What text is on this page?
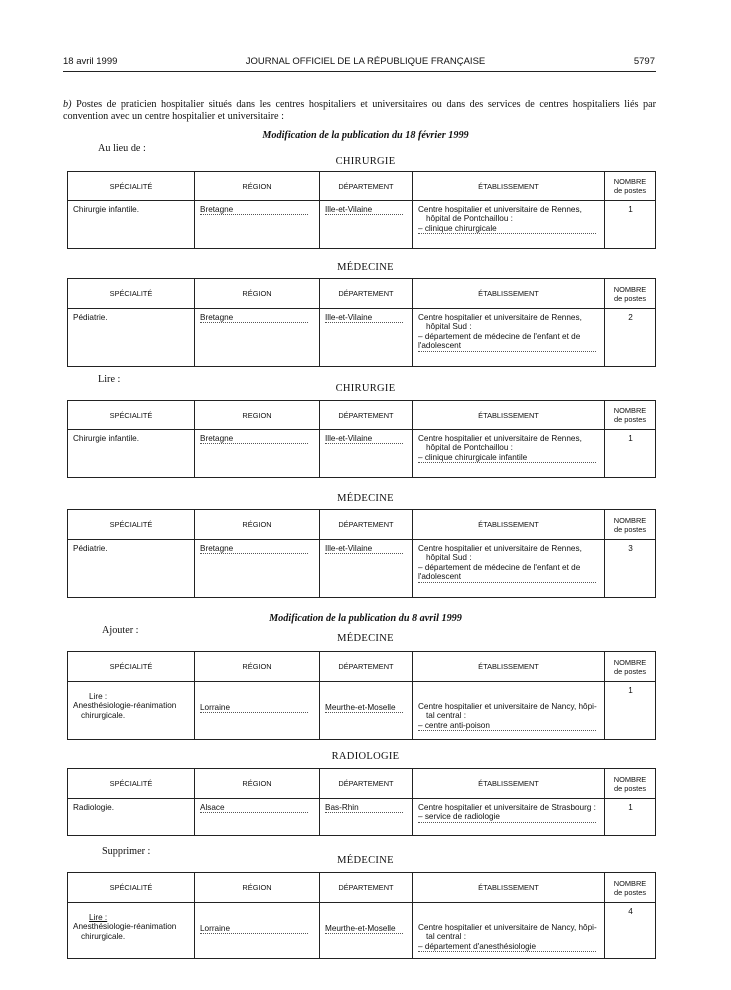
18 avril 1999	JOURNAL OFFICIEL DE LA RÉPUBLIQUE FRANÇAISE	5797
b) Postes de praticien hospitalier situés dans les centres hospitaliers et universitaires ou dans des services de centres hospitaliers liés par convention avec un centre hospitalier et universitaire :
Modification de la publication du 18 février 1999
Au lieu de :
CHIRURGIE
SPÉCIALITÉ	RÉGION	DÉPARTEMENT	ÉTABLISSEMENT	NOMBRE
de postes
Chirurgie infantile.	Bretagne	Ille-et-Vilaine	Centre hospitalier et universitaire de Rennes,

hôpital de Pontchaillou :
– clinique chirurgicale	1
MÉDECINE
SPÉCIALITÉ	RÉGION	DÉPARTEMENT	ÉTABLISSEMENT	NOMBRE
de postes
Pédiatrie.	Bretagne	Ille-et-Vilaine	Centre hospitalier et universitaire de Rennes,

hôpital Sud :
– département de médecine de l'enfant et de
l'adolescent	2
Lire :
CHIRURGIE
SPÉCIALITÉ	REGION	DÉPARTEMENT	ÉTABLISSEMENT	NOMBRE
de postes
Chirurgie infantile.	Bretagne	Ille-et-Vilaine	Centre hospitalier et universitaire de Rennes,

hôpital de Pontchaillou :
– clinique chirurgicale infantile	1
MÉDECINE
SPÉCIALITÉ	RÉGION	DÉPARTEMENT	ÉTABLISSEMENT	NOMBRE
de postes
Pédiatrie.	Bretagne	Ille-et-Vilaine	Centre hospitalier et universitaire de Rennes,

hôpital Sud :
– département de médecine de l'enfant et de
l'adolescent	3
Modification de la publication du 8 avril 1999
Ajouter :
MÉDECINE
SPÉCIALITÉ	RÉGION	DÉPARTEMENT	ÉTABLISSEMENT	NOMBRE
de postes

Lire :
Anesthésiologie-réanimation

chirurgicale.	Lorraine	Meurthe-et-Moselle	Centre hospitalier et universitaire de Nancy, hôpi-

tal central :
– centre anti-poison	1
RADIOLOGIE
SPÉCIALITÉ	RÉGION	DÉPARTEMENT	ÉTABLISSEMENT	NOMBRE
de postes
Radiologie.	Alsace	Bas-Rhin	Centre hospitalier et universitaire de Strasbourg :
– service de radiologie	1
Supprimer :
MÉDECINE
SPÉCIALITÉ	RÉGION	DÉPARTEMENT	ÉTABLISSEMENT	NOMBRE
de postes

Lire :
Anesthésiologie-réanimation

chirurgicale.	Lorraine	Meurthe-et-Moselle	Centre hospitalier et universitaire de Nancy, hôpi-

tal central :
– département d'anesthésiologie	4
